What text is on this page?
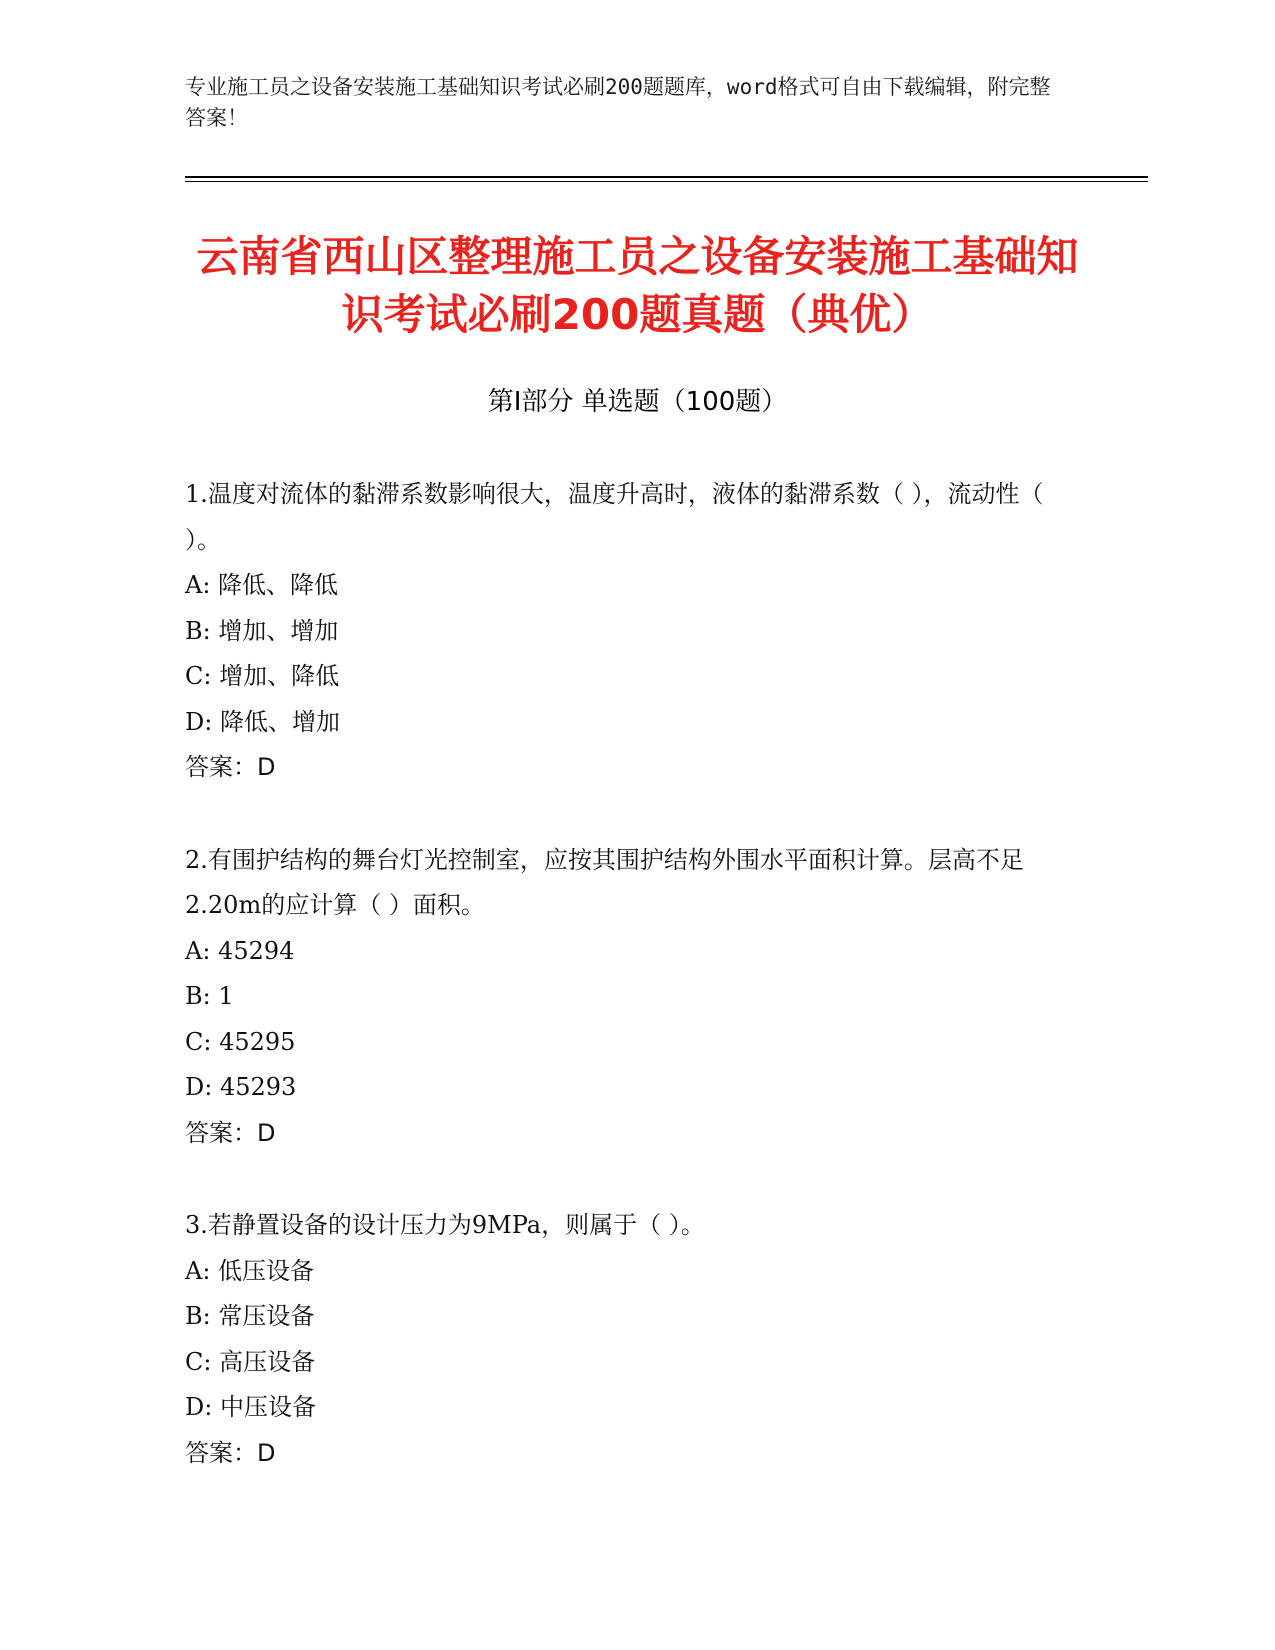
专业施工员之设备安装施工基础知识考试必刷200题题库，word格式可自由下载编辑，附完整答案！
云南省西山区整理施工员之设备安装施工基础知识考试必刷200题真题（典优）
第Ⅰ部分 单选题（100题）
1.温度对流体的黏滞系数影响很大，温度升高时，液体的黏滞系数（ ），流动性（ ）。
A: 降低、降低
B: 增加、增加
C: 增加、降低
D: 降低、增加
答案：D
2.有围护结构的舞台灯光控制室，应按其围护结构外围水平面积计算。层高不足2.20m的应计算（ ）面积。
A: 45294
B: 1
C: 45295
D: 45293
答案：D
3.若静置设备的设计压力为9MPa，则属于（ ）。
A: 低压设备
B: 常压设备
C: 高压设备
D: 中压设备
答案：D
